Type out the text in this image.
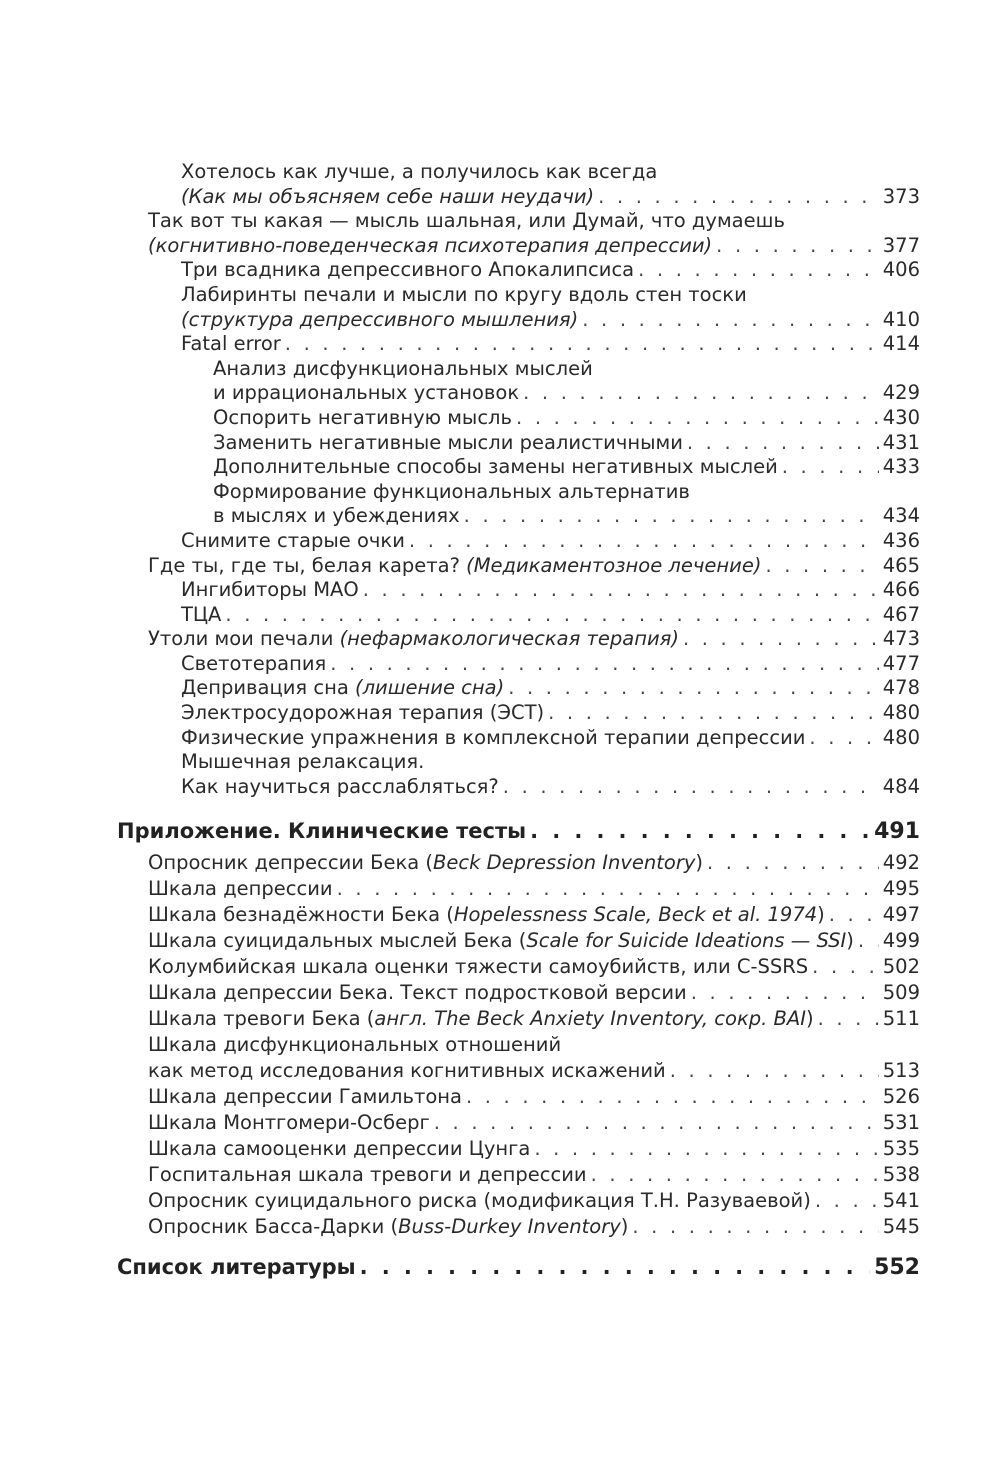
Хотелось как лучше, а получилось как всегда
(Как мы объясняем себе наши неудачи) . . .	373
Так вот ты какая — мысль шальная, или Думай, что думаешь
(когнитивно-поведенческая психотерапия депрессии) . . .	377
Три всадника депрессивного Апокалипсиса . . .	406
Лабиринты печали и мысли по кругу вдоль стен тоски
(структура депрессивного мышления) . . .	410
Fatal error . . .	414
Анализ дисфункциональных мыслей
и иррациональных установок . . .	429
Оспорить негативную мысль . . .	430
Заменить негативные мысли реалистичными . . .	431
Дополнительные способы замены негативных мыслей . . .	433
Формирование функциональных альтернатив
в мыслях и убеждениях . . .	434
Снимите старые очки . . .	436
Где ты, где ты, белая карета? (Медикаментозное лечение) . . .	465
Ингибиторы МАО . . .	466
ТЦА . . .	467
Утоли мои печали (нефармакологическая терапия) . . .	473
Светотерапия . . .	477
Депривация сна (лишение сна) . . .	478
Электросудорожная терапия (ЭСТ) . . .	480
Физические упражнения в комплексной терапии депрессии . . .	480
Мышечная релаксация.
Как научиться расслабляться? . . .	484
Приложение. Клинические тесты . . .	491
Опросник депрессии Бека (Beck Depression Inventory) . . .	492
Шкала депрессии . . .	495
Шкала безнадёжности Бека (Hopelessness Scale, Beck et al. 1974) . . .	497
Шкала суицидальных мыслей Бека (Scale for Suicide Ideations — SSI) . . . 499
Колумбийская шкала оценки тяжести самоубийств, или C-SSRS . . .	502
Шкала депрессии Бека. Текст подростковой версии . . .	509
Шкала тревоги Бека (англ. The Beck Anxiety Inventory, сокр. BAI) . . .	511
Шкала дисфункциональных отношений
как метод исследования когнитивных искажений . . .	513
Шкала депрессии Гамильтона . . .	526
Шкала Монтгомери-Осберг . . .	531
Шкала самооценки депрессии Цунга . . .	535
Госпитальная шкала тревоги и депрессии . . .	538
Опросник суицидального риска (модификация Т.Н. Разуваевой) . . .	541
Опросник Басса-Дарки (Buss-Durkey Inventory) . . .	545
Список литературы . . .	552
